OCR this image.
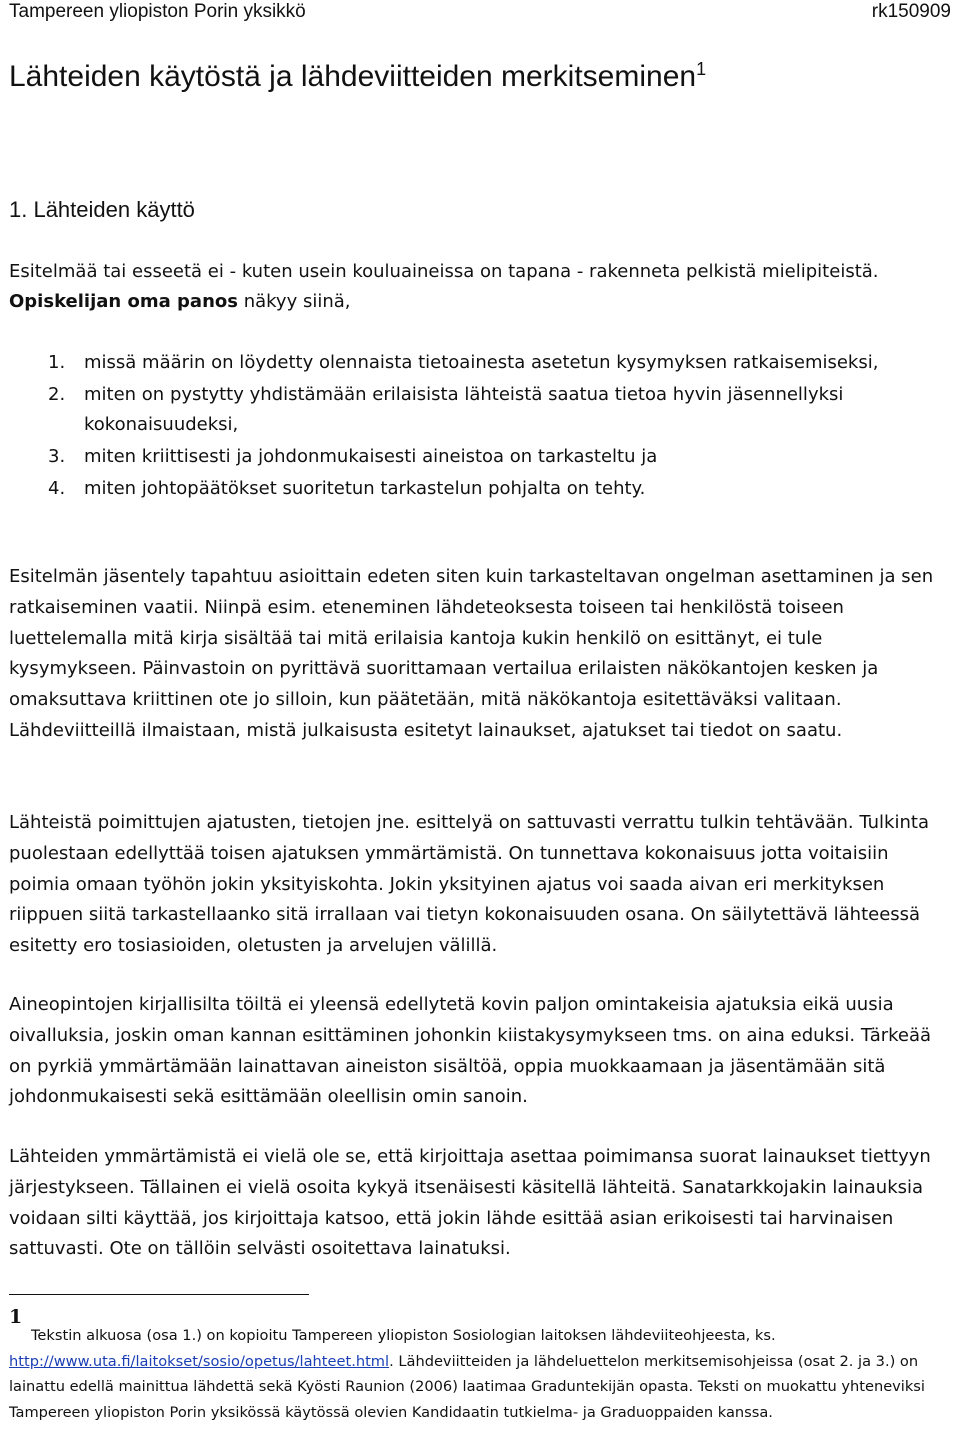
Tampereen yliopiston Porin yksikkö	rk150909
Lähteiden käytöstä ja lähdeviitteiden merkitseminen$^1$
1. Lähteiden käyttö

Esitelmää tai esseetä ei - kuten usein kouluaineissa on tapana - rakenneta pelkistä mielipiteistä. Opiskelijan oma panos näkyy siinä,

1. missä määrin on löydetty olennaista tietoainesta asetetun kysymyksen ratkaisemiseksi,
2. miten on pystytty yhdistämään erilaisista lähteistä saatua tietoa hyvin jäsennellyksi kokonaisuudeksi,
3. miten kriittisesti ja johdonmukaisesti aineistoa on tarkasteltu ja
4. miten johtopäätökset suoritetun tarkastelun pohjalta on tehty.

Esitelmän jäsentely tapahtuu asioittain edeten siten kuin tarkasteltavan ongelman asettaminen ja sen ratkaiseminen vaatii. Niinpä esim. eteneminen lähdeteoksesta toiseen tai henkilöstä toiseen luettelemalla mitä kirja sisältää tai mitä erilaisia kantoja kukin henkilö on esittänyt, ei tule kysymykseen. Päinvastoin on pyrittävä suorittamaan vertailua erilaisten näkökantojen kesken ja omaksuttava kriittinen ote jo silloin, kun päätetään, mitä näkökantoja esitettäväksi valitaan. Lähdeviitteillä ilmaistaan, mistä julkaisusta esitetyt lainaukset, ajatukset tai tiedot on saatu.

Lähteistä poimittujen ajatusten, tietojen jne. esittelyä on sattuvasti verrattu tulkin tehtävään. Tulkinta puolestaan edellyttää toisen ajatuksen ymmärtämistä. On tunnettava kokonaisuus jotta voitaisiin poimia omaan työhön jokin yksityiskohta. Jokin yksityinen ajatus voi saada aivan eri merkityksen riippuen siitä tarkastellaanko sitä irrallaan vai tietyn kokonaisuuden osana. On säilytettävä lähteessä esitetty ero tosiasioiden, oletusten ja arvelujen välillä.

Aineopintojen kirjallisilta töiltä ei yleensä edellytetä kovin paljon omintakeisia ajatuksia eikä uusia oivalluksia, joskin oman kannan esittäminen johonkin kiistakysymykseen tms. on aina eduksi. Tärkeää on pyrkiä ymmärtämään lainattavan aineiston sisältöä, oppia muokkaamaan ja jäsentämään sitä johdonmukaisesti sekä esittämään oleellisin omin sanoin.

Lähteiden ymmärtämistä ei vielä ole se, että kirjoittaja asettaa poimimansa suorat lainaukset tiettyyn järjestykseen. Tällainen ei vielä osoita kykyä itsenäisesti käsitellä lähteitä. Sanatarkkojakin lainauksia voidaan silti käyttää, jos kirjoittaja katsoo, että jokin lähde esittää asian erikoisesti tai harvinaisen sattuvasti. Ote on tällöin selvästi osoitettava lainatuksi.

1

Tekstin alkuosa (osa 1.) on kopioitu Tampereen yliopiston Sosiologian laitoksen lähdeviiteohjeesta, ks. http://www.uta.fi/laitokset/sosio/opetus/lahteet.html. Lähdeviitteiden ja lähdeluettelon merkitsemisohjeissa (osat 2. ja 3.) on lainattu edellä mainittua lähdettä sekä Kyösti Raunion (2006) laatimaa Graduntekijän opasta. Teksti on muokattu yhteneviksi Tampereen yliopiston Porin yksikössä käytössä olevien Kandidaatin tutkielma- ja Graduoppaiden kanssa.
